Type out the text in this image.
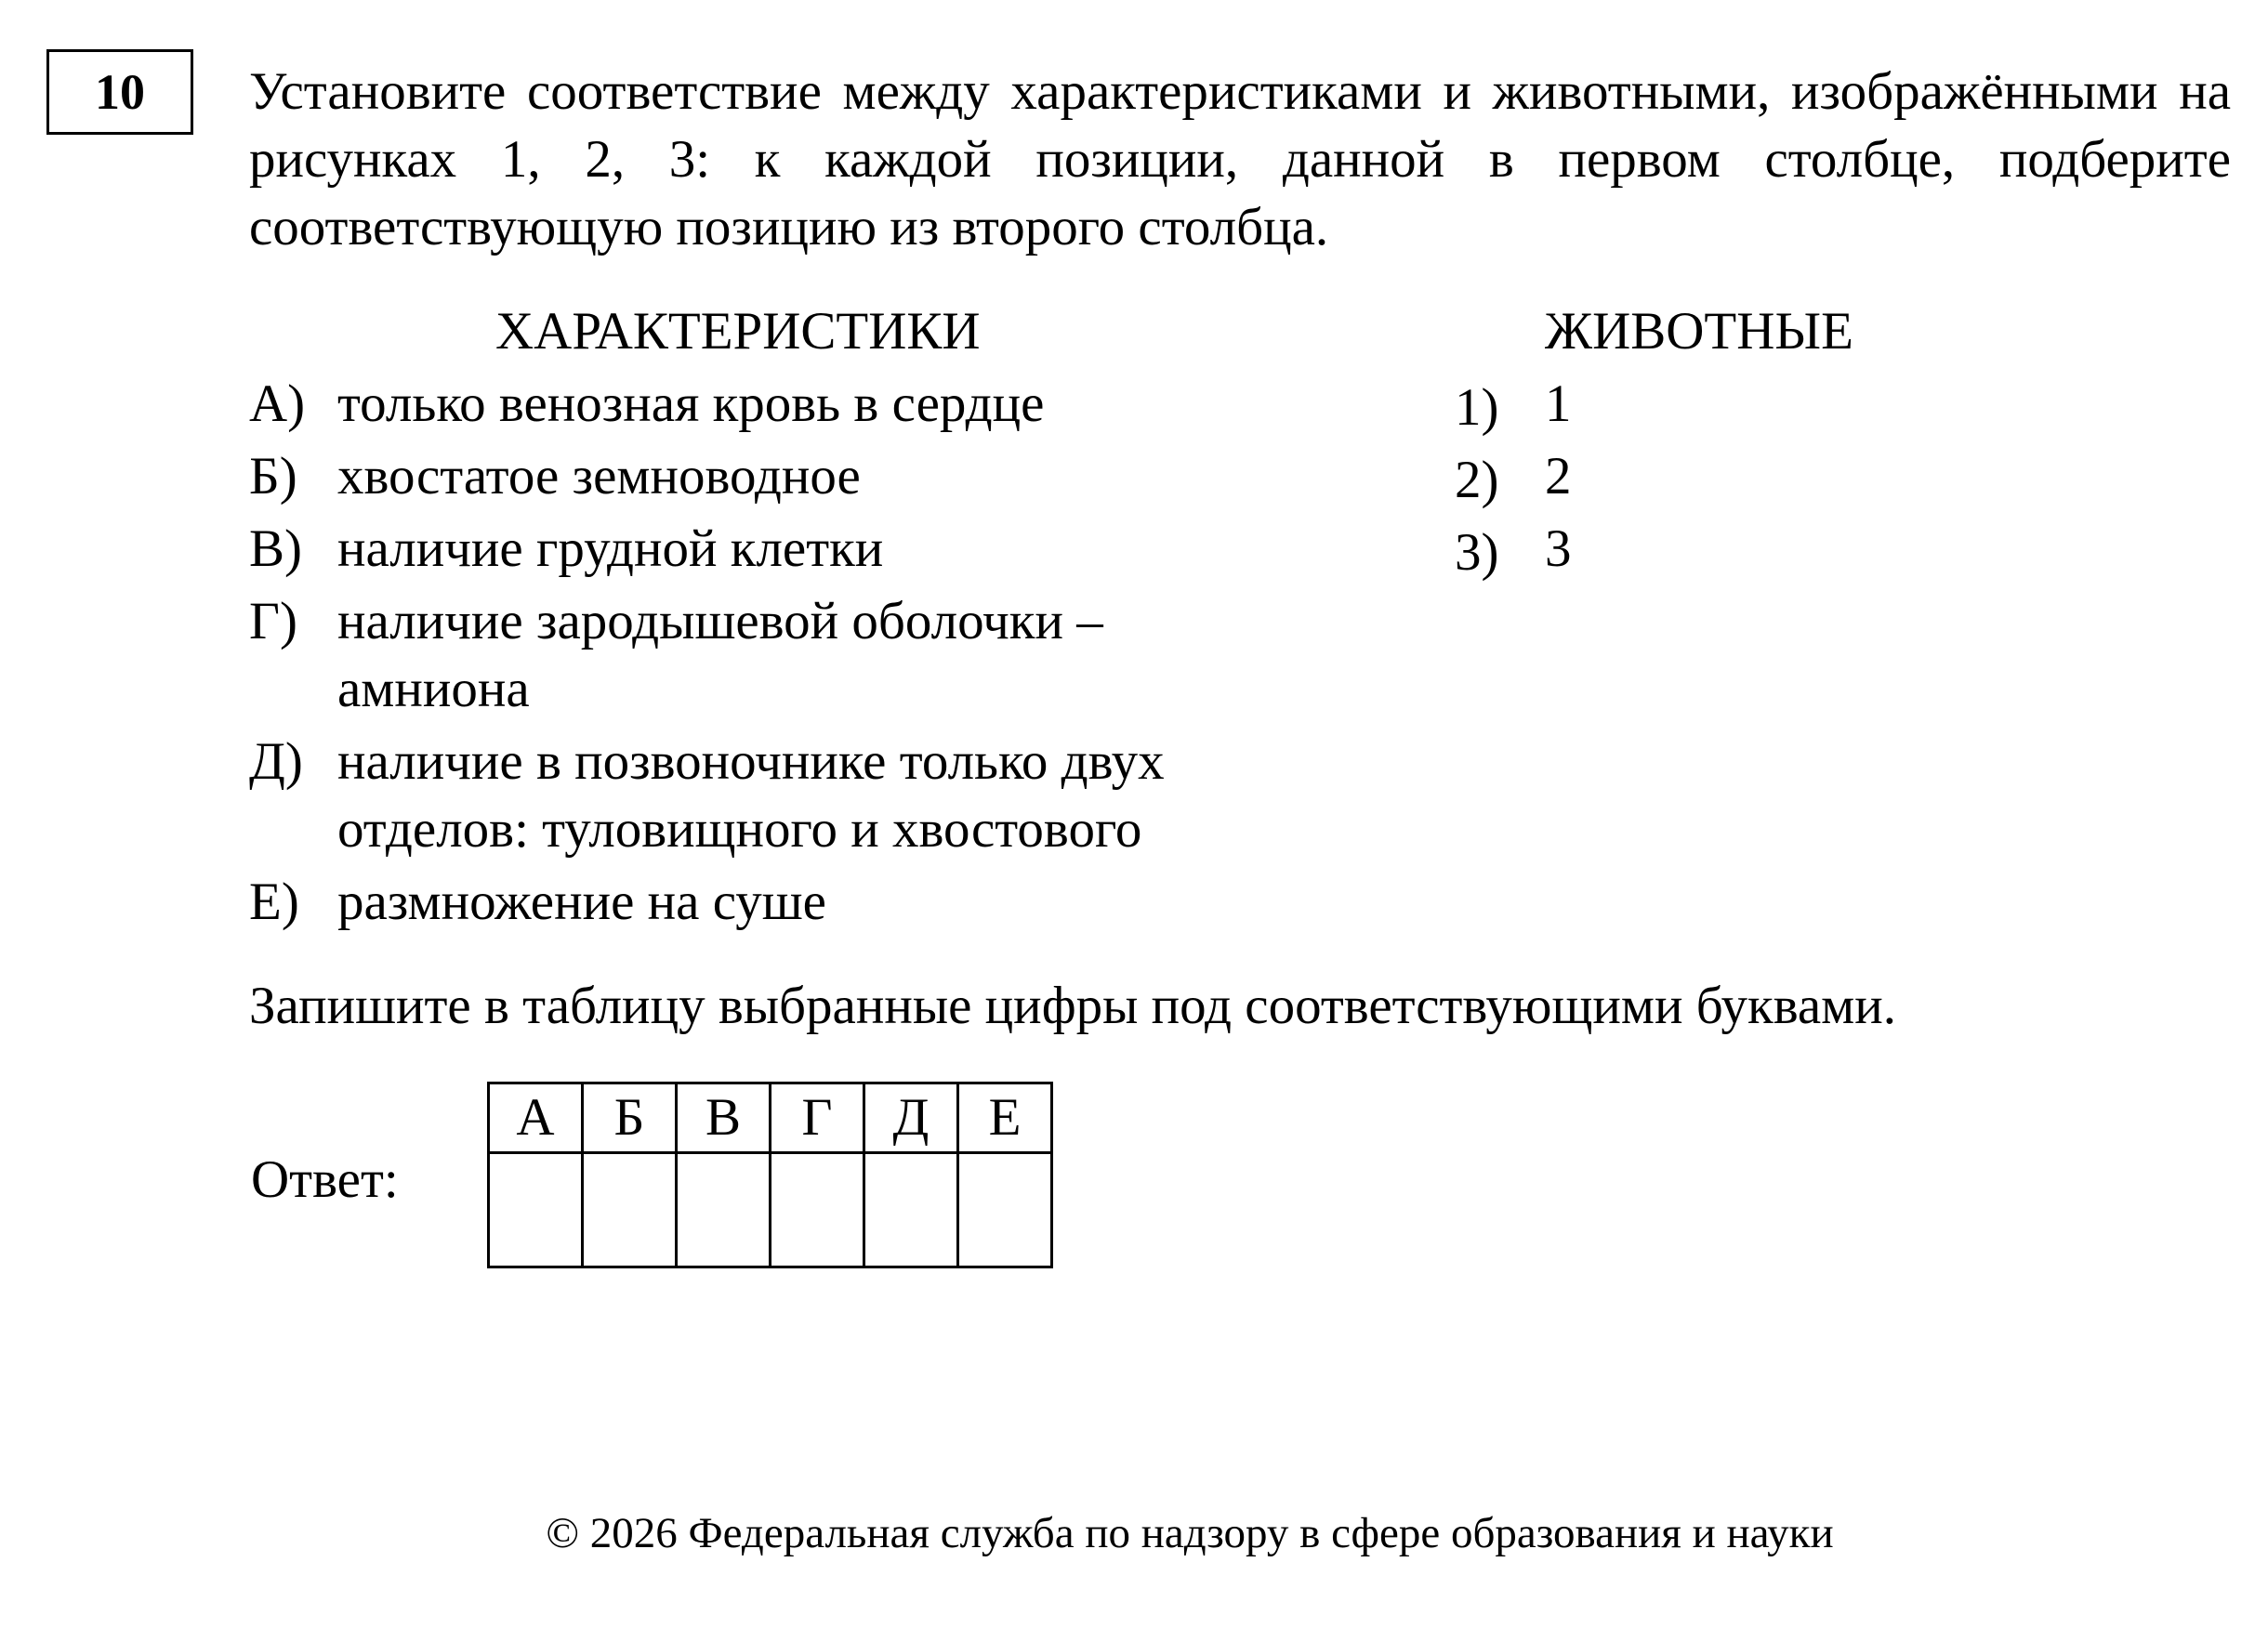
10 Установите соответствие между характеристиками и животными, изображёнными на рисунках 1, 2, 3: к каждой позиции, данной в первом столбце, подберите соответствующую позицию из второго столбца.

ХАРАКТЕРИСТИКИ	ЖИВОТНЫЕ
А) только венозная кровь в сердце
Б) хвостатое земноводное
В) наличие грудной клетки
Г) наличие зародышевой оболочки – амниона
Д) наличие в позвоночнике только двух отделов: туловищного и хвостового
Е) размножение на суше
1) 1
2) 2
3) 3

Запишите в таблицу выбранные цифры под соответствующими буквами.

Ответ:
А	Б	В	Г	Д	Е

© 2026 Федеральная служба по надзору в сфере образования и науки
